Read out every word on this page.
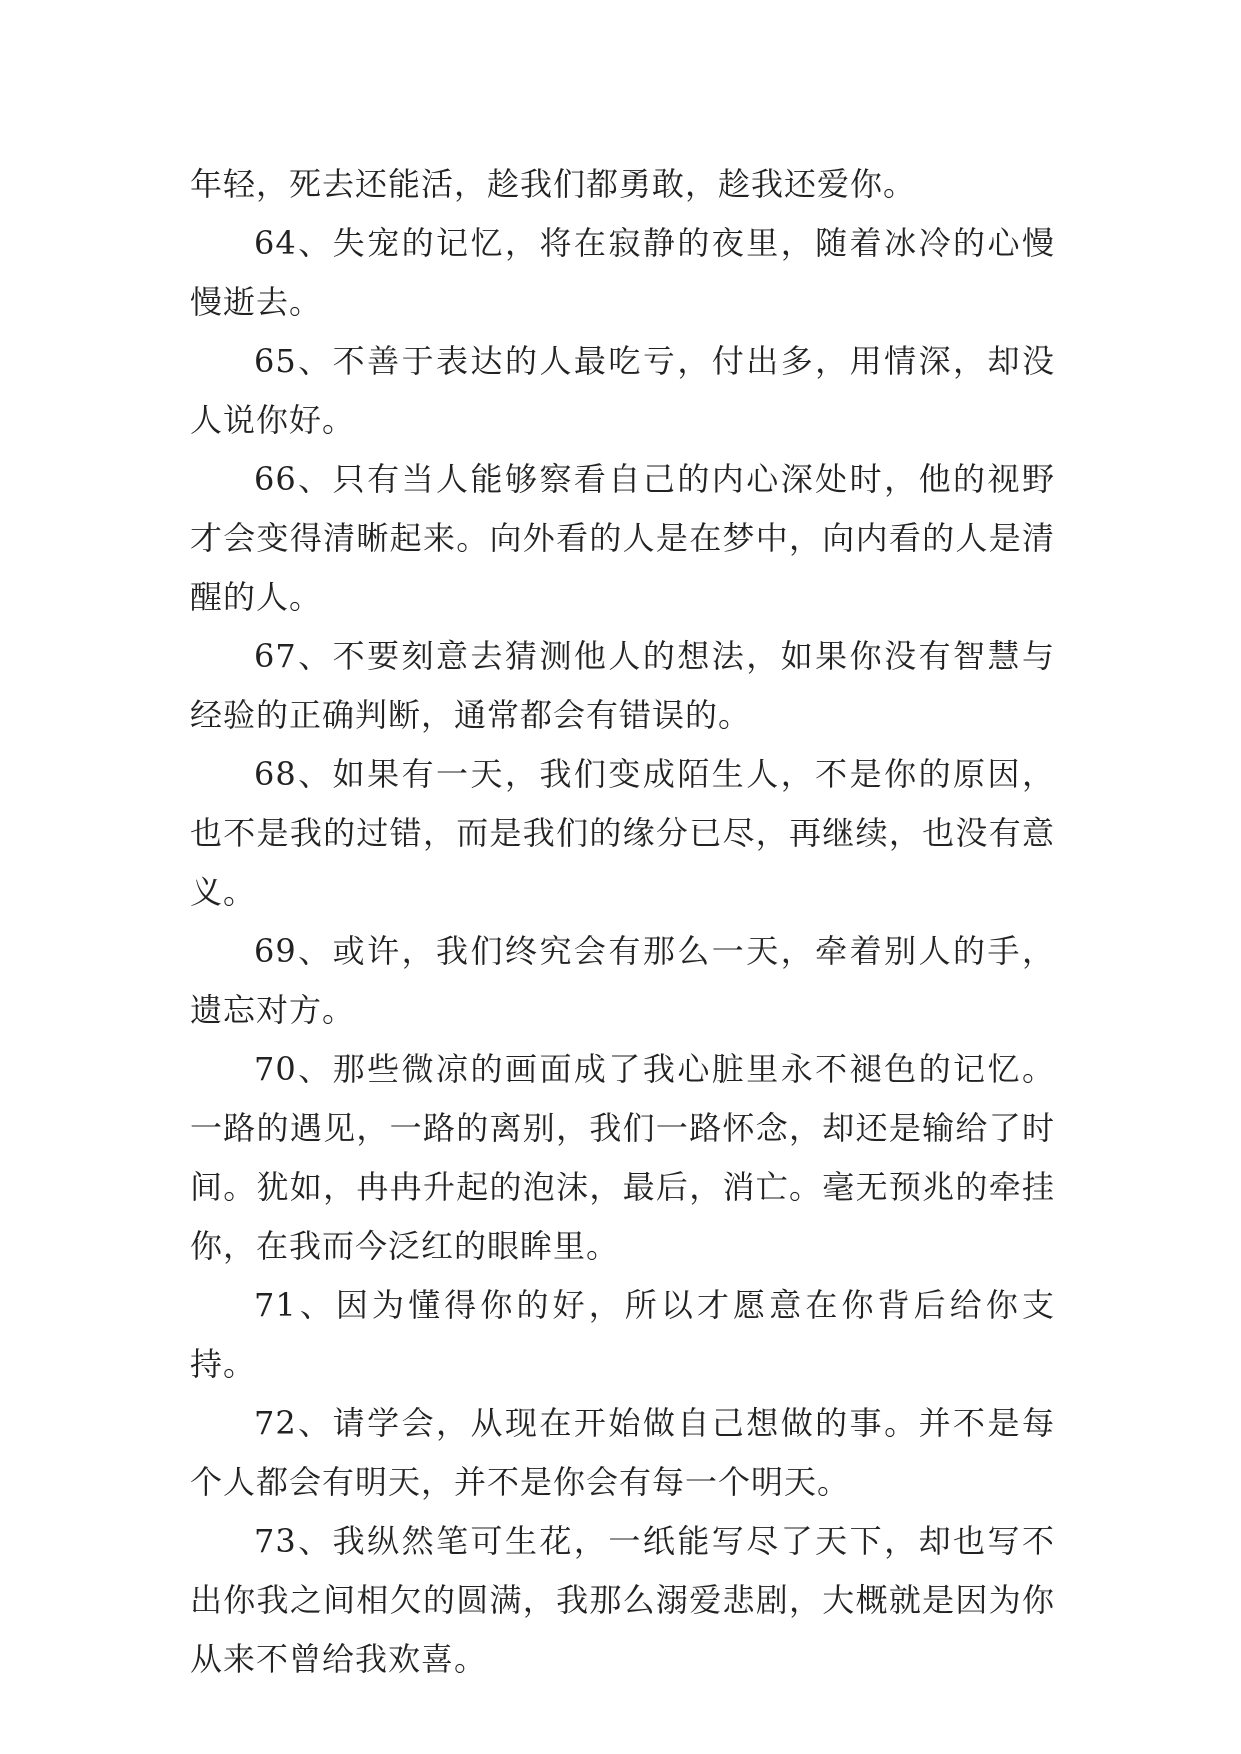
年轻，死去还能活，趁我们都勇敢，趁我还爱你。

64、失宠的记忆，将在寂静的夜里，随着冰冷的心慢慢逝去。

65、不善于表达的人最吃亏，付出多，用情深，却没人说你好。

66、只有当人能够察看自己的内心深处时，他的视野才会变得清晰起来。向外看的人是在梦中，向内看的人是清醒的人。

67、不要刻意去猜测他人的想法，如果你没有智慧与经验的正确判断，通常都会有错误的。

68、如果有一天，我们变成陌生人，不是你的原因，也不是我的过错，而是我们的缘分已尽，再继续，也没有意义。

69、或许，我们终究会有那么一天，牵着别人的手，遗忘对方。

70、那些微凉的画面成了我心脏里永不褪色的记忆。一路的遇见，一路的离别，我们一路怀念，却还是输给了时间。犹如，冉冉升起的泡沫，最后，消亡。毫无预兆的牵挂你，在我而今泛红的眼眸里。

71、因为懂得你的好，所以才愿意在你背后给你支持。

72、请学会，从现在开始做自己想做的事。并不是每个人都会有明天，并不是你会有每一个明天。

73、我纵然笔可生花，一纸能写尽了天下，却也写不出你我之间相欠的圆满，我那么溺爱悲剧，大概就是因为你从来不曾给我欢喜。
